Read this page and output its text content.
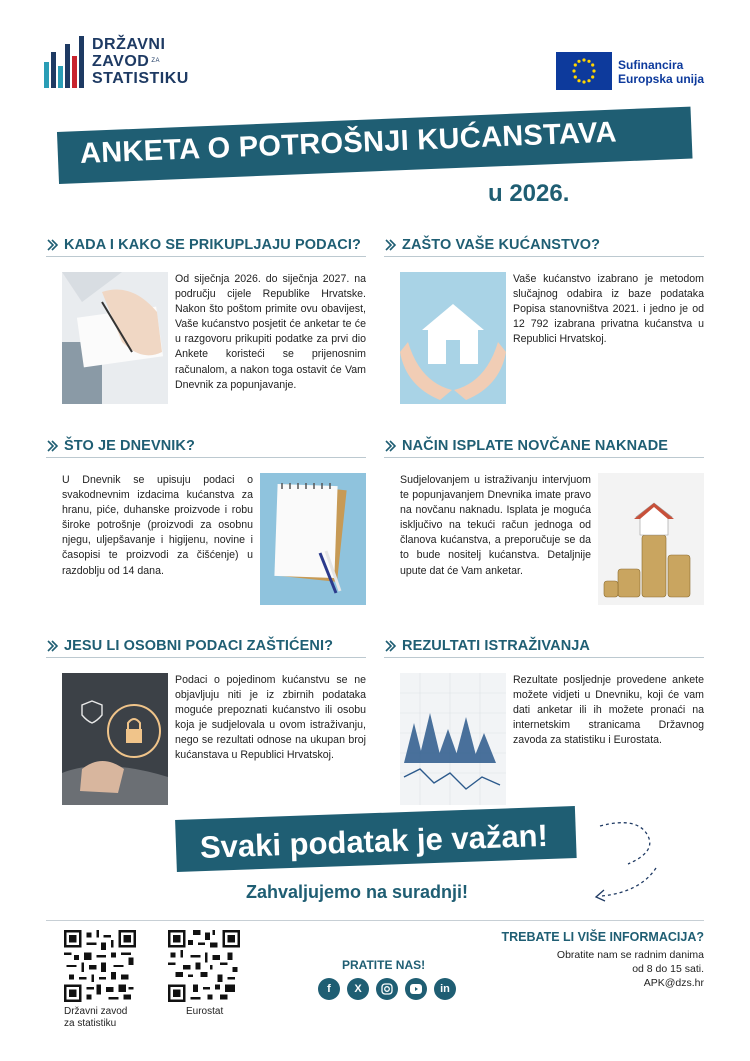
DRŽAVNI
ZAVOD $^{ZA}$
STATISTIKU
Sufinancira
Europska unija
ANKETA O POTROŠNJI KUĆANSTAVA
u 2026.
KADA I KAKO SE PRIKUPLJAJU PODACI?
Od siječnja 2026. do siječnja 2027. na području cijele Republike Hrvatske. Nakon što poštom primite ovu obavijest, Vaše kućanstvo posjetit će anketar te će u razgovoru prikupiti podatke za prvi dio Ankete koristeći se prijenosnim računalom, a nakon toga ostavit će Vam Dnevnik za popunjavanje.
ZAŠTO VAŠE KUĆANSTVO?
Vaše kućanstvo izabrano je metodom slučajnog odabira iz baze podataka Popisa stanovništva 2021. i jedno je od 12 792 izabrana privatna kućanstva u Republici Hrvatskoj.
ŠTO JE DNEVNIK?
U Dnevnik se upisuju podaci o svakodnevnim izdacima kućanstva za hranu, piće, duhanske proizvode i robu široke potrošnje (proizvodi za osobnu njegu, uljepšavanje i higijenu, novine i časopisi te proizvodi za čišćenje) u razdoblju od 14 dana.
NAČIN ISPLATE NOVČANE NAKNADE
Sudjelovanjem u istraživanju intervjuom te popunjavanjem Dnevnika imate pravo na novčanu naknadu. Isplata je moguća isključivo na tekući račun jednoga od članova kućanstva, a preporučuje se da to bude nositelj kućanstva. Detaljnije upute dat će Vam anketar.
JESU LI OSOBNI PODACI ZAŠTIĆENI?
Podaci o pojedinom kućanstvu se ne objavljuju niti je iz zbirnih podataka moguće prepoznati kućanstvo ili osobu koja je sudjelovala u ovom istraživanju, nego se rezultati odnose na ukupan broj kućanstava u Republici Hrvatskoj.
REZULTATI ISTRAŽIVANJA
Rezultate posljednje provedene ankete možete vidjeti u Dnevniku, koji će vam dati anketar ili ih možete pronaći na internetskim stranicama Državnog zavoda za statistiku i Eurostata.
Svaki podatak je važan!
Zahvaljujemo na suradnji!
Državni zavod
za statistiku
Eurostat
PRATITE NAS!
f	X	in
TREBATE LI VIŠE INFORMACIJA?
Obratite nam se radnim danima
od 8 do 15 sati.
APK@dzs.hr
